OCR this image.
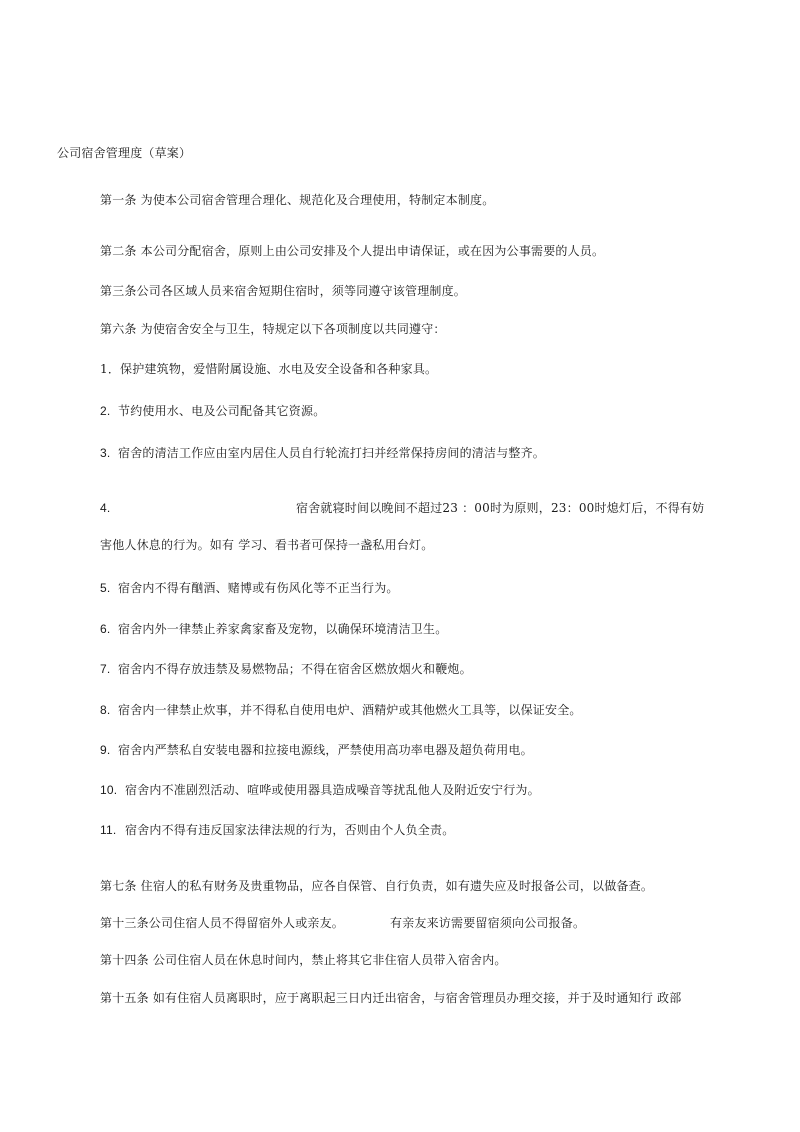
公司宿舍管理度（草案）
第一条 为使本公司宿舍管理合理化、规范化及合理使用，特制定本制度。
第二条 本公司分配宿舍，原则上由公司安排及个人提出申请保证，或在因为公事需要的人员。
第三条公司各区域人员来宿舍短期住宿时，须等同遵守该管理制度。
第六条 为使宿舍安全与卫生，特规定以下各项制度以共同遵守：
1．保护建筑物，爱惜附属设施、水电及安全设备和各种家具。
2. 节约使用水、电及公司配备其它资源。
3. 宿舍的清洁工作应由室内居住人员自行轮流打扫并经常保持房间的清洁与整齐。
4.	宿舍就寝时间以晚间不超过23 ：00时为原则，23：00时熄灯后，不得有妨
害他人休息的行为。如有 学习、看书者可保持一盏私用台灯。
5. 宿舍内不得有酗酒、赌博或有伤风化等不正当行为。
6. 宿舍内外一律禁止养家禽家畜及宠物，以确保环境清洁卫生。
7. 宿舍内不得存放违禁及易燃物品；不得在宿舍区燃放烟火和鞭炮。
8. 宿舍内一律禁止炊事，并不得私自使用电炉、酒精炉或其他燃火工具等，以保证安全。
9. 宿舍内严禁私自安装电器和拉接电源线，严禁使用高功率电器及超负荷用电。
10. 宿舍内不准剧烈活动、喧哗或使用器具造成噪音等扰乱他人及附近安宁行为。
11. 宿舍内不得有违反国家法律法规的行为，否则由个人负全责。
第七条 住宿人的私有财务及贵重物品，应各自保管、自行负责，如有遗失应及时报备公司，以做备查。
第十三条公司住宿人员不得留宿外人或亲友。	有亲友来访需要留宿须向公司报备。
第十四条 公司住宿人员在休息时间内，禁止将其它非住宿人员带入宿舍内。
第十五条 如有住宿人员离职时，应于离职起三日内迁出宿舍，与宿舍管理员办理交接，并于及时通知行 政部
